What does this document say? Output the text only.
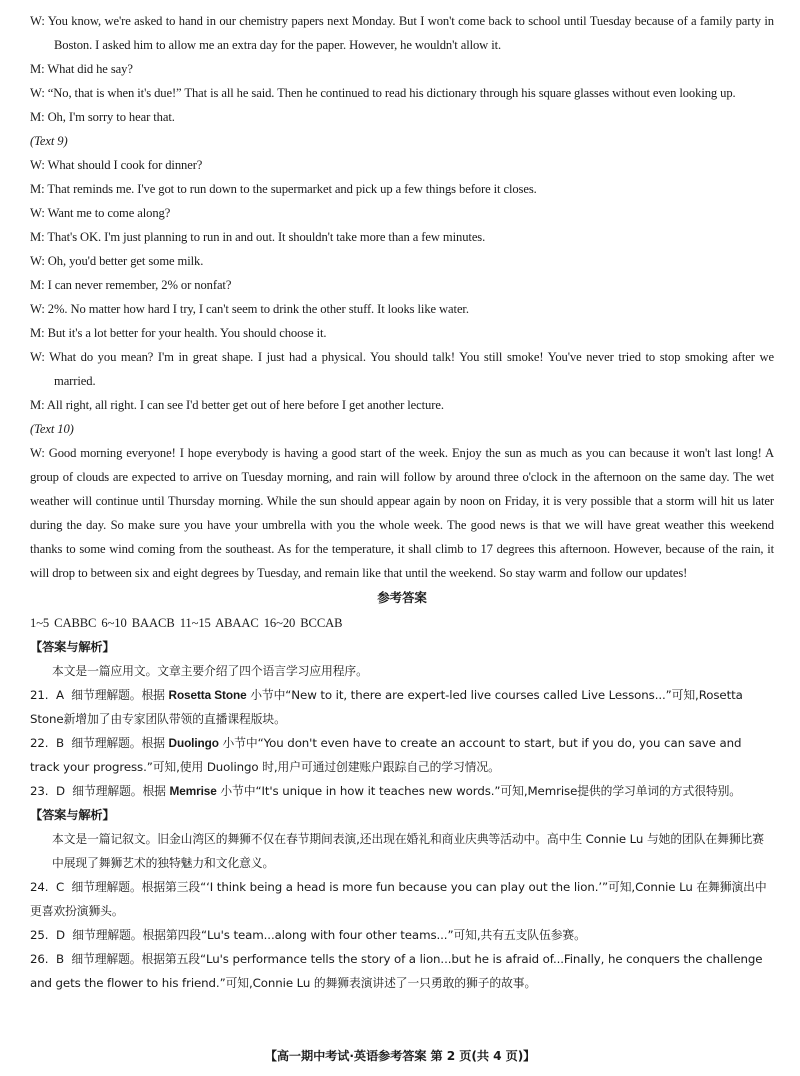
W: You know, we're asked to hand in our chemistry papers next Monday. But I won't come back to school until Tuesday because of a family party in Boston. I asked him to allow me an extra day for the paper. However, he wouldn't allow it.
M: What did he say?
W: “No, that is when it's due!” That is all he said. Then he continued to read his dictionary through his square glasses without even looking up.
M: Oh, I'm sorry to hear that.
(Text 9)
W: What should I cook for dinner?
M: That reminds me. I've got to run down to the supermarket and pick up a few things before it closes.
W: Want me to come along?
M: That's OK. I'm just planning to run in and out. It shouldn't take more than a few minutes.
W: Oh, you'd better get some milk.
M: I can never remember, 2% or nonfat?
W: 2%. No matter how hard I try, I can't seem to drink the other stuff. It looks like water.
M: But it's a lot better for your health. You should choose it.
W: What do you mean? I'm in great shape. I just had a physical. You should talk! You still smoke! You've never tried to stop smoking after we married.
M: All right, all right. I can see I'd better get out of here before I get another lecture.
(Text 10)
W: Good morning everyone! I hope everybody is having a good start of the week. Enjoy the sun as much as you can because it won't last long! A group of clouds are expected to arrive on Tuesday morning, and rain will follow by around three o'clock in the afternoon on the same day. The wet weather will continue until Thursday morning. While the sun should appear again by noon on Friday, it is very possible that a storm will hit us later during the day. So make sure you have your umbrella with you the whole week. The good news is that we will have great weather this weekend thanks to some wind coming from the southeast. As for the temperature, it shall climb to 17 degrees this afternoon. However, because of the rain, it will drop to between six and eight degrees by Tuesday, and remain like that until the weekend. So stay warm and follow our updates!
参考答案
1~5 CABBC 6~10 BAACB 11~15 ABAAC 16~20 BCCAB
【答案与解析】
本文是一篇应用文。文章主要介绍了四个语言学习应用程序。
21. A 细节理解题。根据 Rosetta Stone 小节中“New to it, there are expert-led live courses called Live Lessons...”可知,Rosetta Stone新增加了由专家团队带领的直播课程版块。
22. B 细节理解题。根据 Duolingo 小节中“You don't even have to create an account to start, but if you do, you can save and track your progress.”可知,使用 Duolingo 时,用户可通过创建账户跟踪自己的学习情况。
23. D 细节理解题。根据 Memrise 小节中“It's unique in how it teaches new words.”可知,Memrise提供的学习单词的方式很特别。
【答案与解析】
本文是一篇记叙文。旧金山湾区的舞狮不仅在春节期间表演,还出现在婚礼和商业庆典等活动中。高中生 Connie Lu 与她的团队在舞狮比赛中展现了舞狮艺术的独特魅力和文化意义。
24. C 细节理解题。根据第三段“‘I think being a head is more fun because you can play out the lion.’”可知,Connie Lu 在舞狮演出中更喜欢扮演狮头。
25. D 细节理解题。根据第四段“Lu's team...along with four other teams...”可知,共有五支队伍参赛。
26. B 细节理解题。根据第五段“Lu's performance tells the story of a lion...but he is afraid of...Finally, he conquers the challenge and gets the flower to his friend.”可知,Connie Lu 的舞狮表演讲述了一只勇敢的狮子的故事。
【高一期中考试·英语参考答案 第 2 页(共 4 页)】
